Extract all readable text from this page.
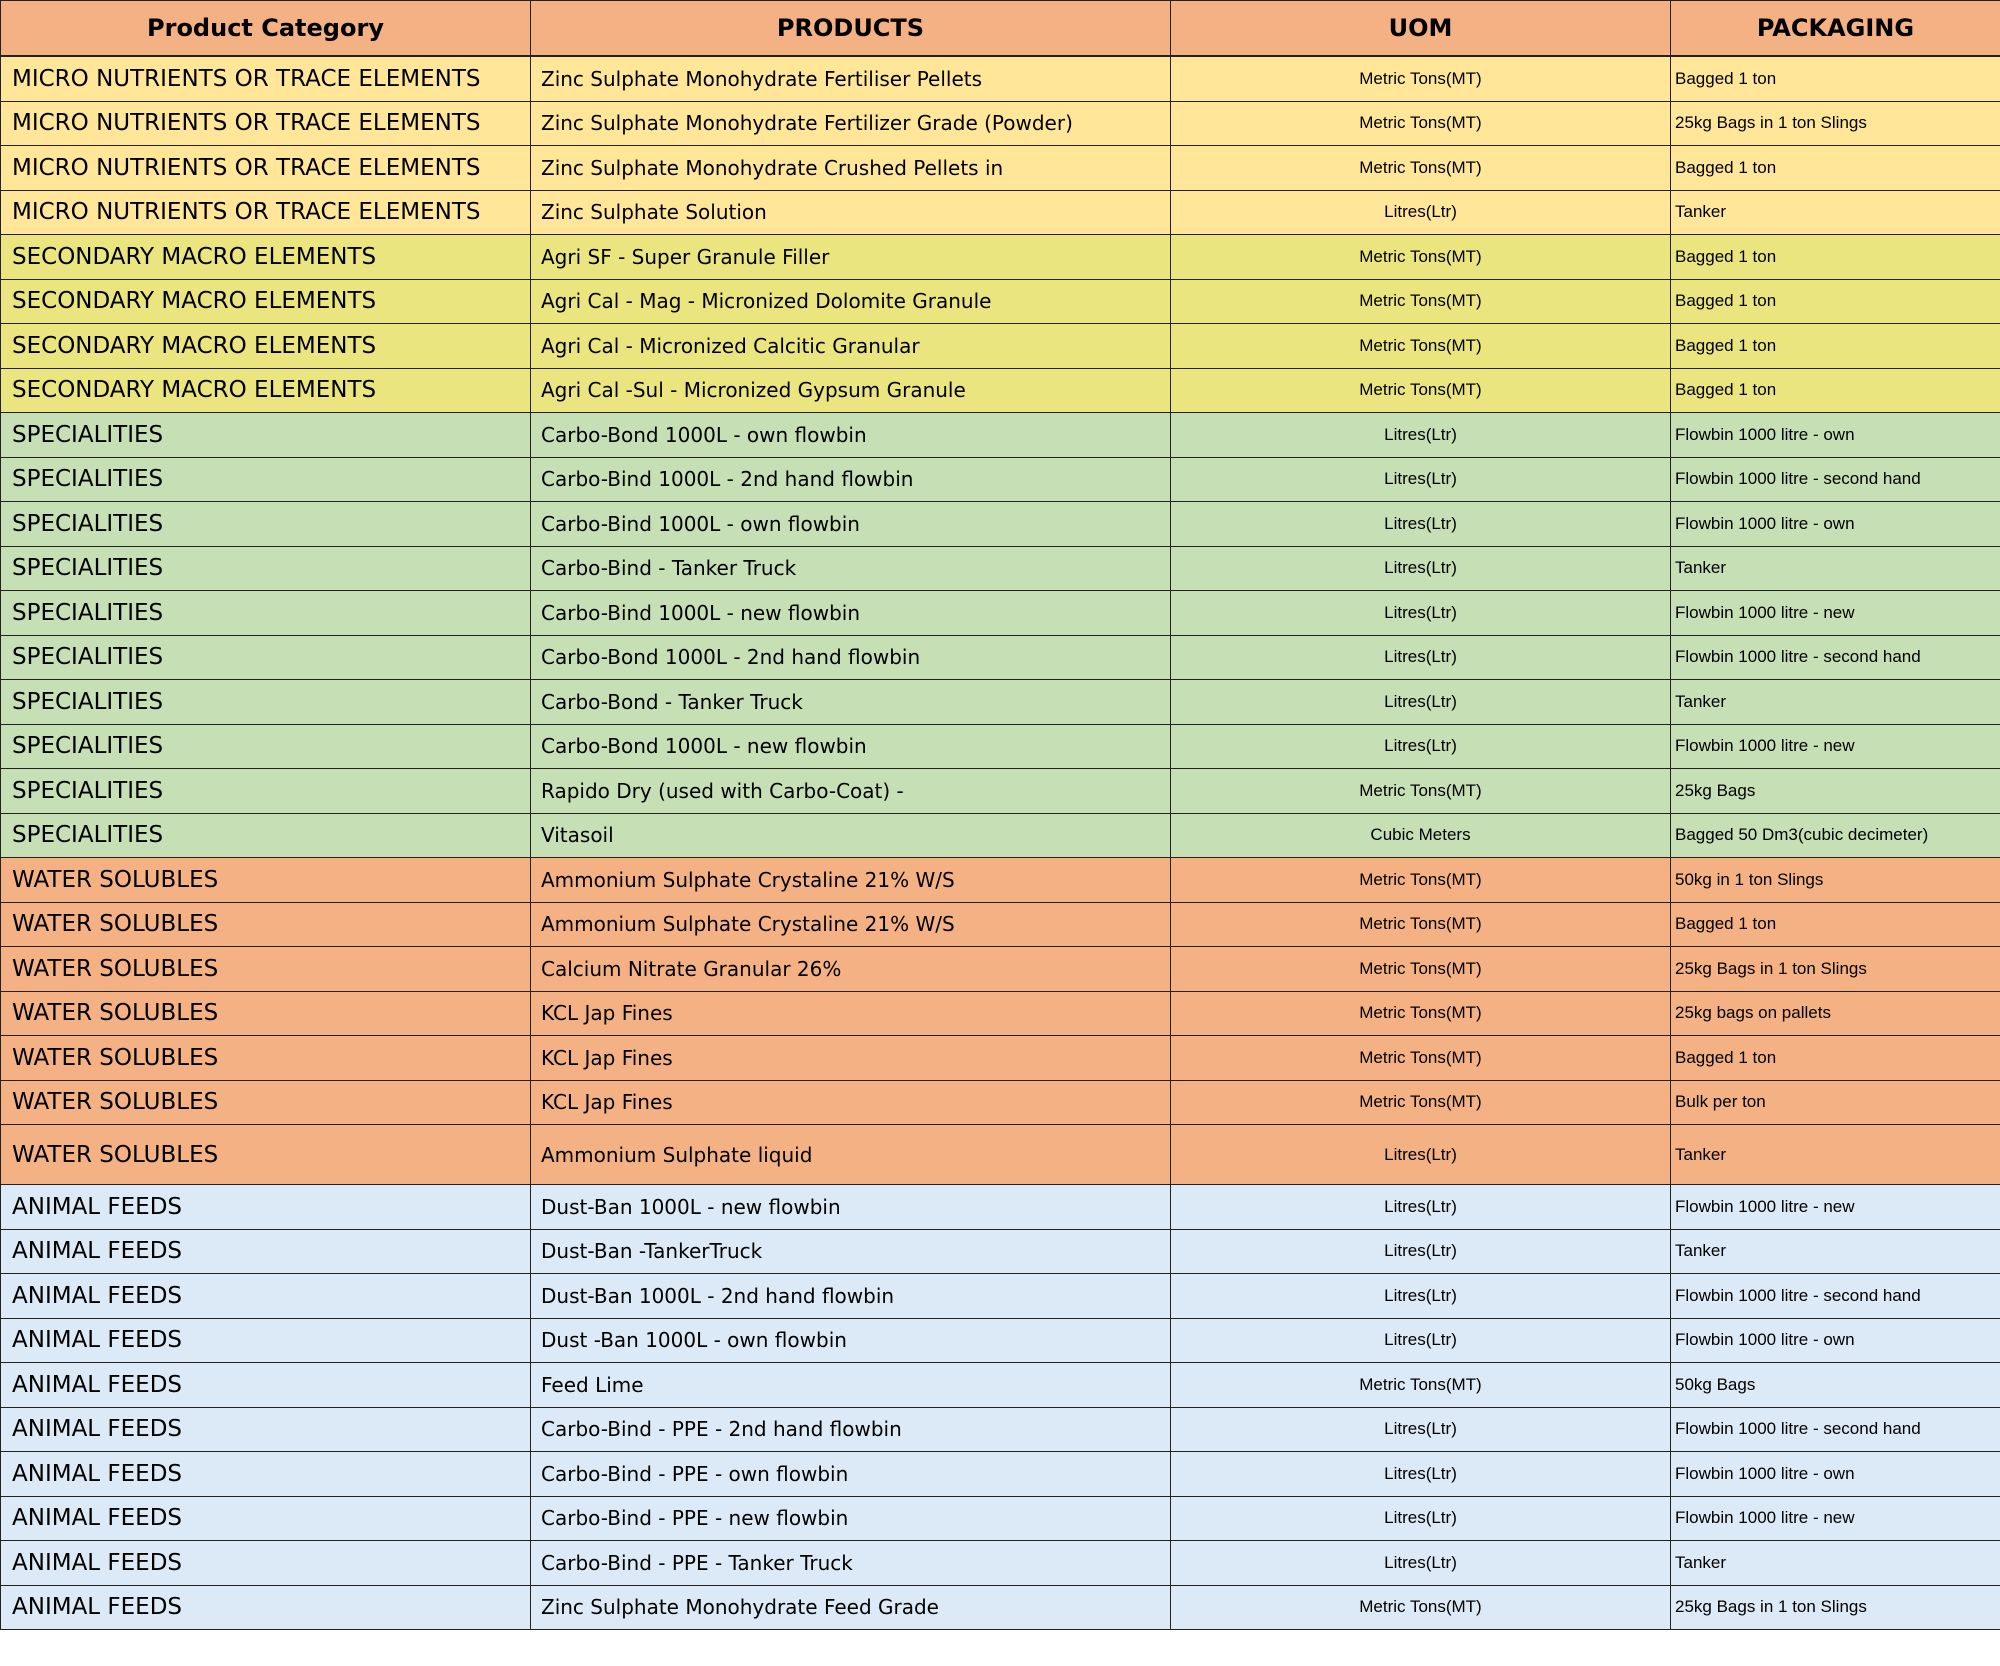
Product Category	PRODUCTS	UOM	PACKAGING
MICRO NUTRIENTS OR TRACE ELEMENTS	Zinc Sulphate Monohydrate Fertiliser Pellets	Metric Tons(MT)	Bagged 1 ton
MICRO NUTRIENTS OR TRACE ELEMENTS	Zinc Sulphate Monohydrate Fertilizer Grade (Powder)	Metric Tons(MT)	25kg Bags in 1 ton Slings
MICRO NUTRIENTS OR TRACE ELEMENTS	Zinc Sulphate Monohydrate Crushed Pellets in	Metric Tons(MT)	Bagged 1 ton
MICRO NUTRIENTS OR TRACE ELEMENTS	Zinc Sulphate Solution	Litres(Ltr)	Tanker
SECONDARY MACRO ELEMENTS	Agri SF - Super Granule Filler	Metric Tons(MT)	Bagged 1 ton
SECONDARY MACRO ELEMENTS	Agri Cal - Mag - Micronized Dolomite Granule	Metric Tons(MT)	Bagged 1 ton
SECONDARY MACRO ELEMENTS	Agri Cal - Micronized Calcitic Granular	Metric Tons(MT)	Bagged 1 ton
SECONDARY MACRO ELEMENTS	Agri Cal -Sul - Micronized Gypsum Granule	Metric Tons(MT)	Bagged 1 ton
SPECIALITIES	Carbo-Bond 1000L - own flowbin	Litres(Ltr)	Flowbin 1000 litre - own
SPECIALITIES	Carbo-Bind 1000L - 2nd hand flowbin	Litres(Ltr)	Flowbin 1000 litre - second hand
SPECIALITIES	Carbo-Bind 1000L - own flowbin	Litres(Ltr)	Flowbin 1000 litre - own
SPECIALITIES	Carbo-Bind - Tanker Truck	Litres(Ltr)	Tanker
SPECIALITIES	Carbo-Bind 1000L - new flowbin	Litres(Ltr)	Flowbin 1000 litre - new
SPECIALITIES	Carbo-Bond 1000L - 2nd hand flowbin	Litres(Ltr)	Flowbin 1000 litre - second hand
SPECIALITIES	Carbo-Bond - Tanker Truck	Litres(Ltr)	Tanker
SPECIALITIES	Carbo-Bond 1000L - new flowbin	Litres(Ltr)	Flowbin 1000 litre - new
SPECIALITIES	Rapido Dry (used with Carbo-Coat) -	Metric Tons(MT)	25kg Bags
SPECIALITIES	Vitasoil	Cubic Meters	Bagged 50 Dm3(cubic decimeter)
WATER SOLUBLES	Ammonium Sulphate Crystaline 21% W/S	Metric Tons(MT)	50kg in 1 ton Slings
WATER SOLUBLES	Ammonium Sulphate Crystaline 21% W/S	Metric Tons(MT)	Bagged 1 ton
WATER SOLUBLES	Calcium Nitrate Granular 26%	Metric Tons(MT)	25kg Bags in 1 ton Slings
WATER SOLUBLES	KCL Jap Fines	Metric Tons(MT)	25kg bags on pallets
WATER SOLUBLES	KCL Jap Fines	Metric Tons(MT)	Bagged 1 ton
WATER SOLUBLES	KCL Jap Fines	Metric Tons(MT)	Bulk per ton
WATER SOLUBLES	Ammonium Sulphate liquid	Litres(Ltr)	Tanker
ANIMAL FEEDS	Dust-Ban 1000L - new flowbin	Litres(Ltr)	Flowbin 1000 litre - new
ANIMAL FEEDS	Dust-Ban -TankerTruck	Litres(Ltr)	Tanker
ANIMAL FEEDS	Dust-Ban 1000L - 2nd hand flowbin	Litres(Ltr)	Flowbin 1000 litre - second hand
ANIMAL FEEDS	Dust -Ban 1000L - own flowbin	Litres(Ltr)	Flowbin 1000 litre - own
ANIMAL FEEDS	Feed Lime	Metric Tons(MT)	50kg Bags
ANIMAL FEEDS	Carbo-Bind - PPE - 2nd hand flowbin	Litres(Ltr)	Flowbin 1000 litre - second hand
ANIMAL FEEDS	Carbo-Bind - PPE - own flowbin	Litres(Ltr)	Flowbin 1000 litre - own
ANIMAL FEEDS	Carbo-Bind - PPE - new flowbin	Litres(Ltr)	Flowbin 1000 litre - new
ANIMAL FEEDS	Carbo-Bind - PPE - Tanker Truck	Litres(Ltr)	Tanker
ANIMAL FEEDS	Zinc Sulphate Monohydrate Feed Grade	Metric Tons(MT)	25kg Bags in 1 ton Slings
